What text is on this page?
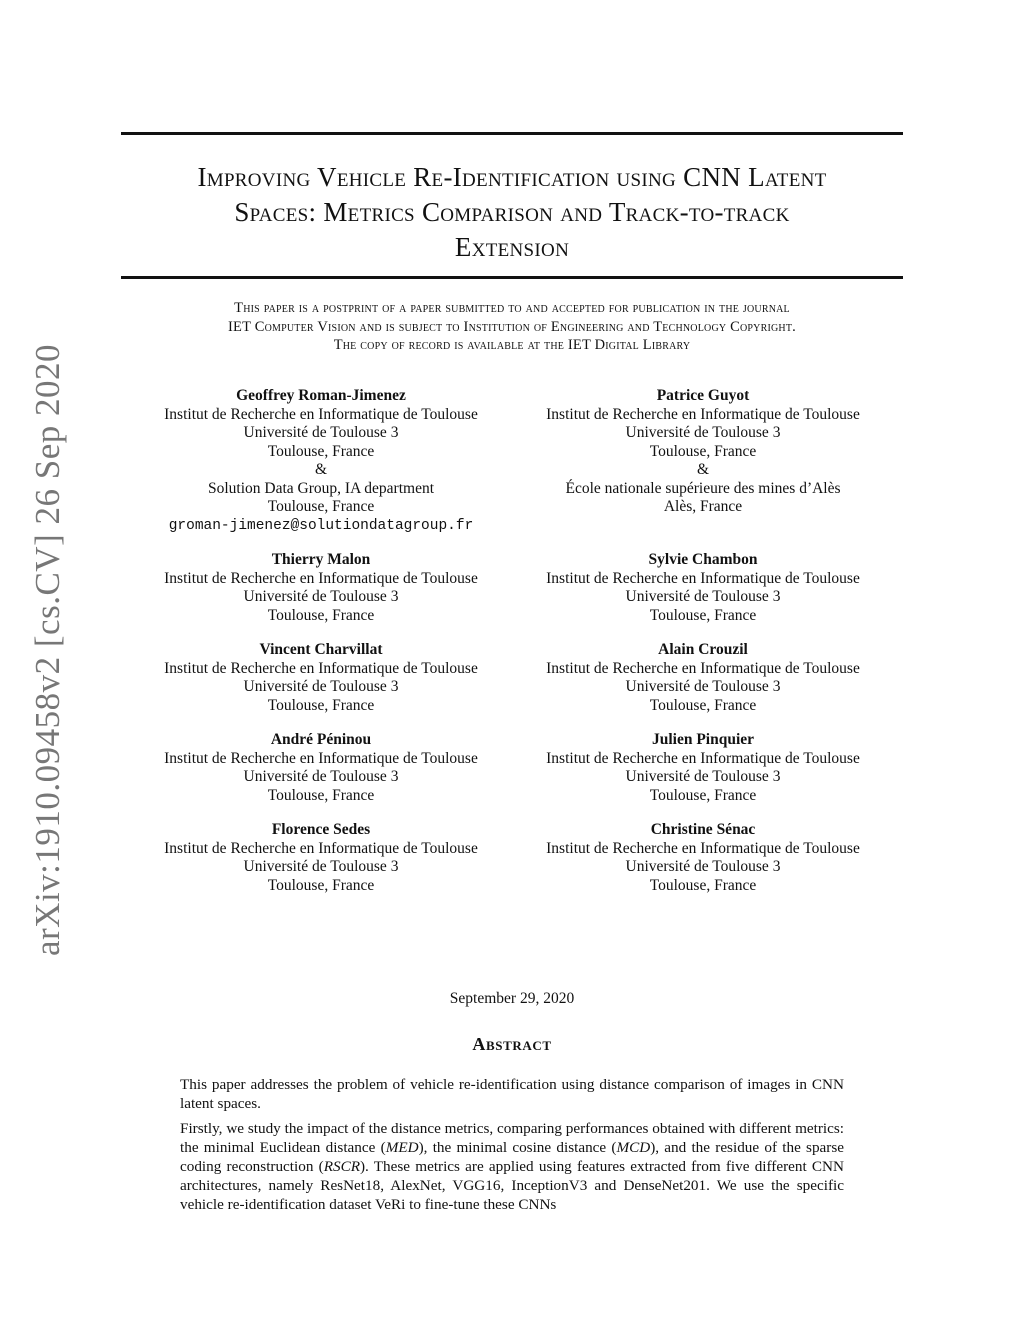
Improving Vehicle Re-Identification using CNN Latent
Spaces: Metrics Comparison and Track-to-track
Extension
This paper is a postprint of a paper submitted to and accepted for publication in the journal
IET Computer Vision and is subject to Institution of Engineering and Technology Copyright.
The copy of record is available at the IET Digital Library
arXiv:1910.09458v2 [cs.CV] 26 Sep 2020	Geoffrey Roman-Jimenez
Institut de Recherche en Informatique de Toulouse
Université de Toulouse 3
Toulouse, France
&
Solution Data Group, IA department
Toulouse, France
groman-jimenez@solutiondatagroup.fr
Patrice Guyot
Institut de Recherche en Informatique de Toulouse
Université de Toulouse 3
Toulouse, France
&
École nationale supérieure des mines d’Alès
Alès, France
Thierry Malon
Institut de Recherche en Informatique de Toulouse
Université de Toulouse 3
Toulouse, France
Sylvie Chambon
Institut de Recherche en Informatique de Toulouse
Université de Toulouse 3
Toulouse, France
Vincent Charvillat
Institut de Recherche en Informatique de Toulouse
Université de Toulouse 3
Toulouse, France
Alain Crouzil
Institut de Recherche en Informatique de Toulouse
Université de Toulouse 3
Toulouse, France
André Péninou
Institut de Recherche en Informatique de Toulouse
Université de Toulouse 3
Toulouse, France
Julien Pinquier
Institut de Recherche en Informatique de Toulouse
Université de Toulouse 3
Toulouse, France
Florence Sedes
Institut de Recherche en Informatique de Toulouse
Université de Toulouse 3
Toulouse, France
Christine Sénac
Institut de Recherche en Informatique de Toulouse
Université de Toulouse 3
Toulouse, France
September 29, 2020
Abstract

This paper addresses the problem of vehicle re-identification using distance comparison of images in CNN latent spaces.

Firstly, we study the impact of the distance metrics, comparing performances obtained with different metrics: the minimal Euclidean distance (MED), the minimal cosine distance (MCD), and the residue of the sparse coding reconstruction (RSCR). These metrics are applied using features extracted from five different CNN architectures, namely ResNet18, AlexNet, VGG16, InceptionV3 and DenseNet201. We use the specific vehicle re-identification dataset VeRi to fine-tune these CNNs
